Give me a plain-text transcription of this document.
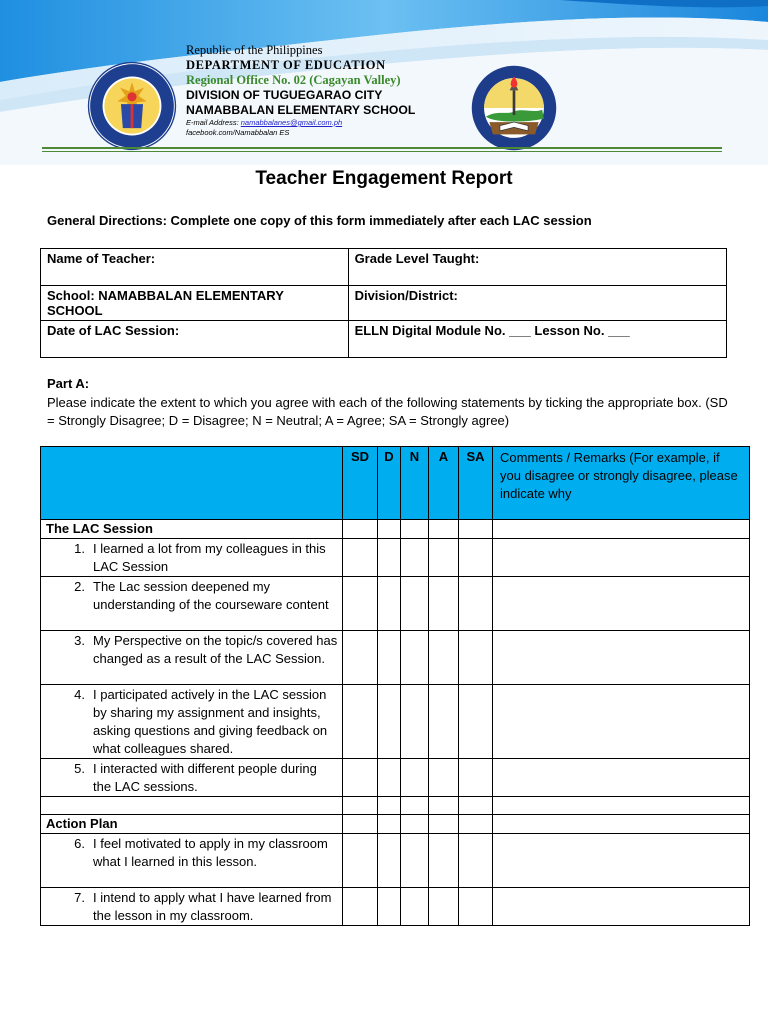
Republic of the Philippines
DEPARTMENT OF EDUCATION
Regional Office No. 02 (Cagayan Valley)
DIVISION OF TUGUEGARAO CITY
NAMABBALAN ELEMENTARY SCHOOL
E-mail Address: namabbalanes@gmail.com.ph
facebook.com/Namabbalan ES
Teacher Engagement Report
General Directions: Complete one copy of this form immediately after each LAC session
Name of Teacher:	Grade Level Taught:
School: NAMABBALAN ELEMENTARY SCHOOL	Division/District:
Date of LAC Session:	ELLN Digital Module No. ___ Lesson No. ___
Part A:
Please indicate the extent to which you agree with each of the following statements by ticking the appropriate box. (SD = Strongly Disagree; D = Disagree; N = Neutral; A = Agree; SA = Strongly agree)
	SD	D	N	A	SA	Comments / Remarks (For example, if you disagree or strongly disagree, please indicate why
The LAC Session						

1. I learned a lot from my colleagues in this LAC Session						

2. The Lac session deepened my understanding of the courseware content						

3. My Perspective on the topic/s covered has changed as a result of the LAC Session.						

4. I participated actively in the LAC session by sharing my assignment and insights, asking questions and giving feedback on what colleagues shared.						

5. I interacted with different people during the LAC sessions.						

Action Plan						

6. I feel motivated to apply in my classroom what I learned in this lesson.						

7. I intend to apply what I have learned from the lesson in my classroom.						
